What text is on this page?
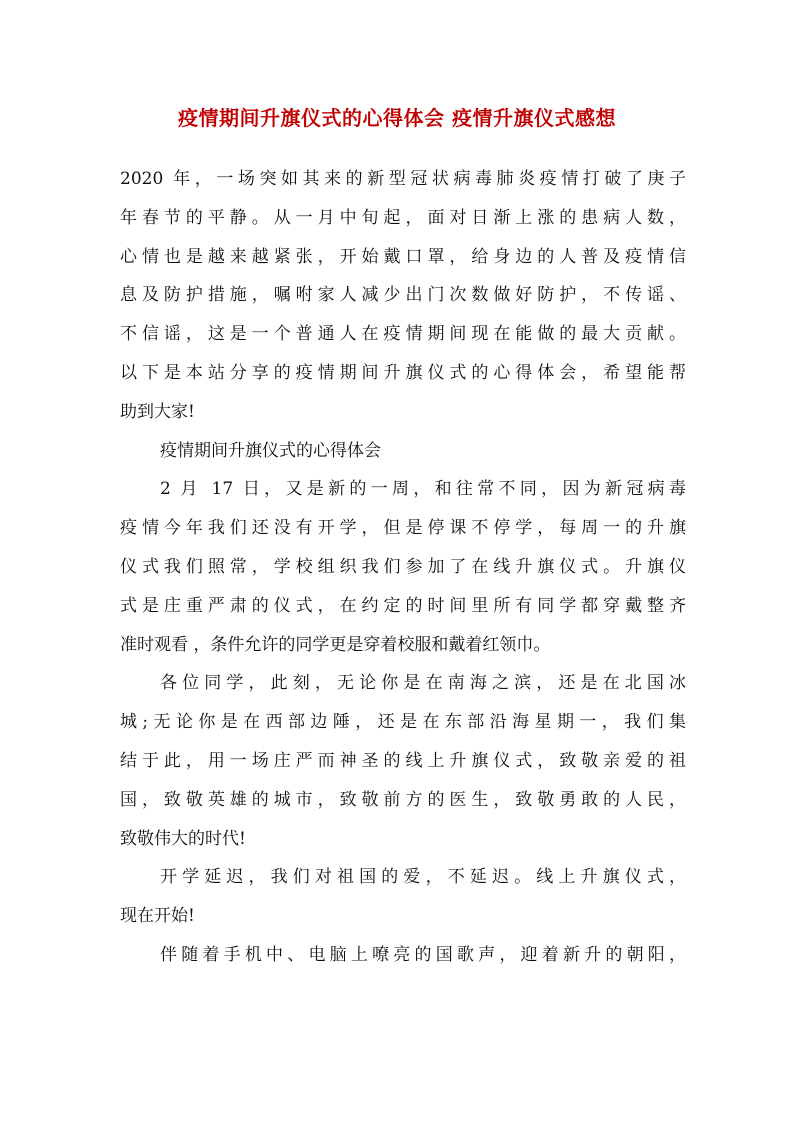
疫情期间升旗仪式的心得体会 疫情升旗仪式感想
2020 年，一场突如其来的新型冠状病毒肺炎疫情打破了庚子
年春节的平静。从一月中旬起，面对日渐上涨的患病人数，
心情也是越来越紧张，开始戴口罩，给身边的人普及疫情信
息及防护措施，嘱咐家人减少出门次数做好防护，不传谣、
不信谣，这是一个普通人在疫情期间现在能做的最大贡献。
以下是本站分享的疫情期间升旗仪式的心得体会，希望能帮
助到大家!
疫情期间升旗仪式的心得体会
2 月 17 日，又是新的一周，和往常不同，因为新冠病毒
疫情今年我们还没有开学，但是停课不停学，每周一的升旗
仪式我们照常，学校组织我们参加了在线升旗仪式。升旗仪
式是庄重严肃的仪式，在约定的时间里所有同学都穿戴整齐
准时观看 ，条件允许的同学更是穿着校服和戴着红领巾。
各位同学，此刻，无论你是在南海之滨，还是在北国冰
城;无论你是在西部边陲，还是在东部沿海星期一，我们集
结于此，用一场庄严而神圣的线上升旗仪式，致敬亲爱的祖
国，致敬英雄的城市，致敬前方的医生，致敬勇敢的人民，
致敬伟大的时代!
开学延迟，我们对祖国的爱，不延迟。线上升旗仪式，
现在开始!
伴随着手机中、电脑上嘹亮的国歌声，迎着新升的朝阳，
